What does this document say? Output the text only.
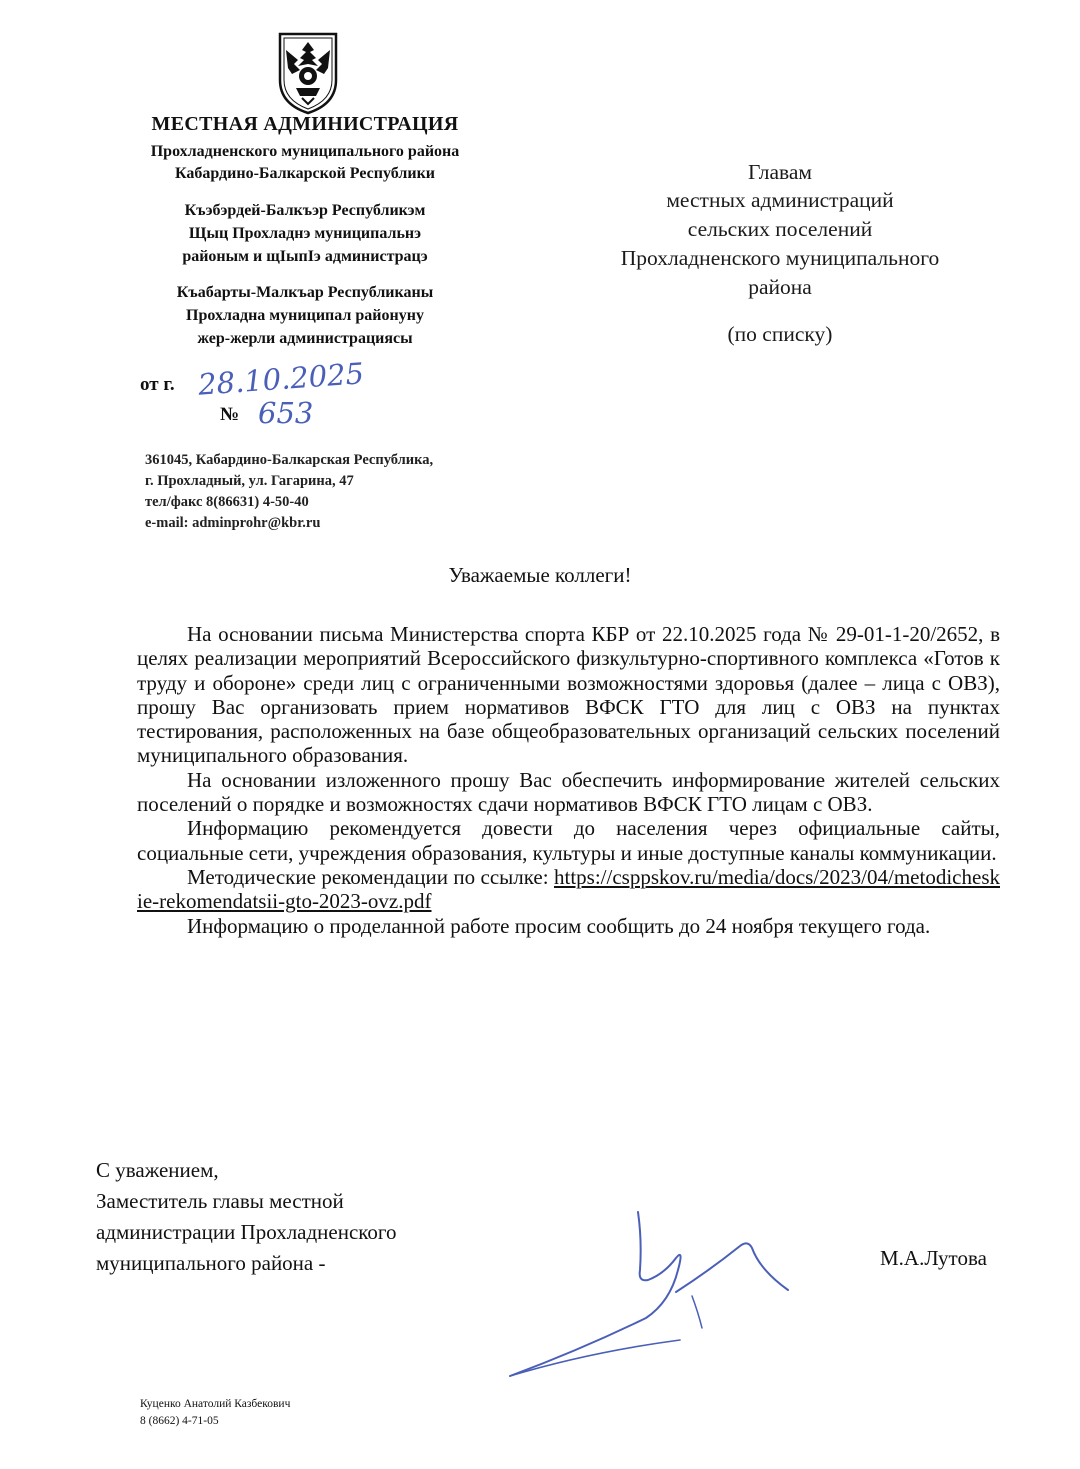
МЕСТНАЯ АДМИНИСТРАЦИЯ
Прохладненского муниципального района
Кабардино-Балкарской Республики
Къэбэрдей-Балкъэр Республикэм
Щыц Прохладнэ муниципальнэ
районым и щIыпIэ администрацэ
Къабарты-Малкъар Республиканы
Прохладна муниципал районуну
жер-жерли администрациясы
от г. 28.10.2025
№ 653
361045, Кабардино-Балкарская Республика,
г. Прохладный, ул. Гагарина, 47
тел/факс 8(86631) 4-50-40
e-mail: adminprohr@kbr.ru
Главам
местных администраций
сельских поселений
Прохладненского муниципального
района
(по списку)
Уважаемые коллеги!

На основании письма Министерства спорта КБР от 22.10.2025 года № 29-01-1-20/2652, в целях реализации мероприятий Всероссийского физкультурно-спортивного комплекса «Готов к труду и обороне» среди лиц с ограниченными возможностями здоровья (далее – лица с ОВЗ), прошу Вас организовать прием нормативов ВФСК ГТО для лиц с ОВЗ на пунктах тестирования, расположенных на базе общеобразовательных организаций сельских поселений муниципального образования.

На основании изложенного прошу Вас обеспечить информирование жителей сельских поселений о порядке и возможностях сдачи нормативов ВФСК ГТО лицам с ОВЗ.

Информацию рекомендуется довести до населения через официальные сайты, социальные сети, учреждения образования, культуры и иные доступные каналы коммуникации.

Методические рекомендации по ссылке: https://csppskov.ru/media/docs/2023/04/metodicheskie-rekomendatsii-gto-2023-ovz.pdf

Информацию о проделанной работе просим сообщить до 24 ноября текущего года.

С уважением,
Заместитель главы местной
администрации Прохладненского
муниципального района -	М.А.Лутова
Куценко Анатолий Казбекович
8 (8662) 4-71-05
